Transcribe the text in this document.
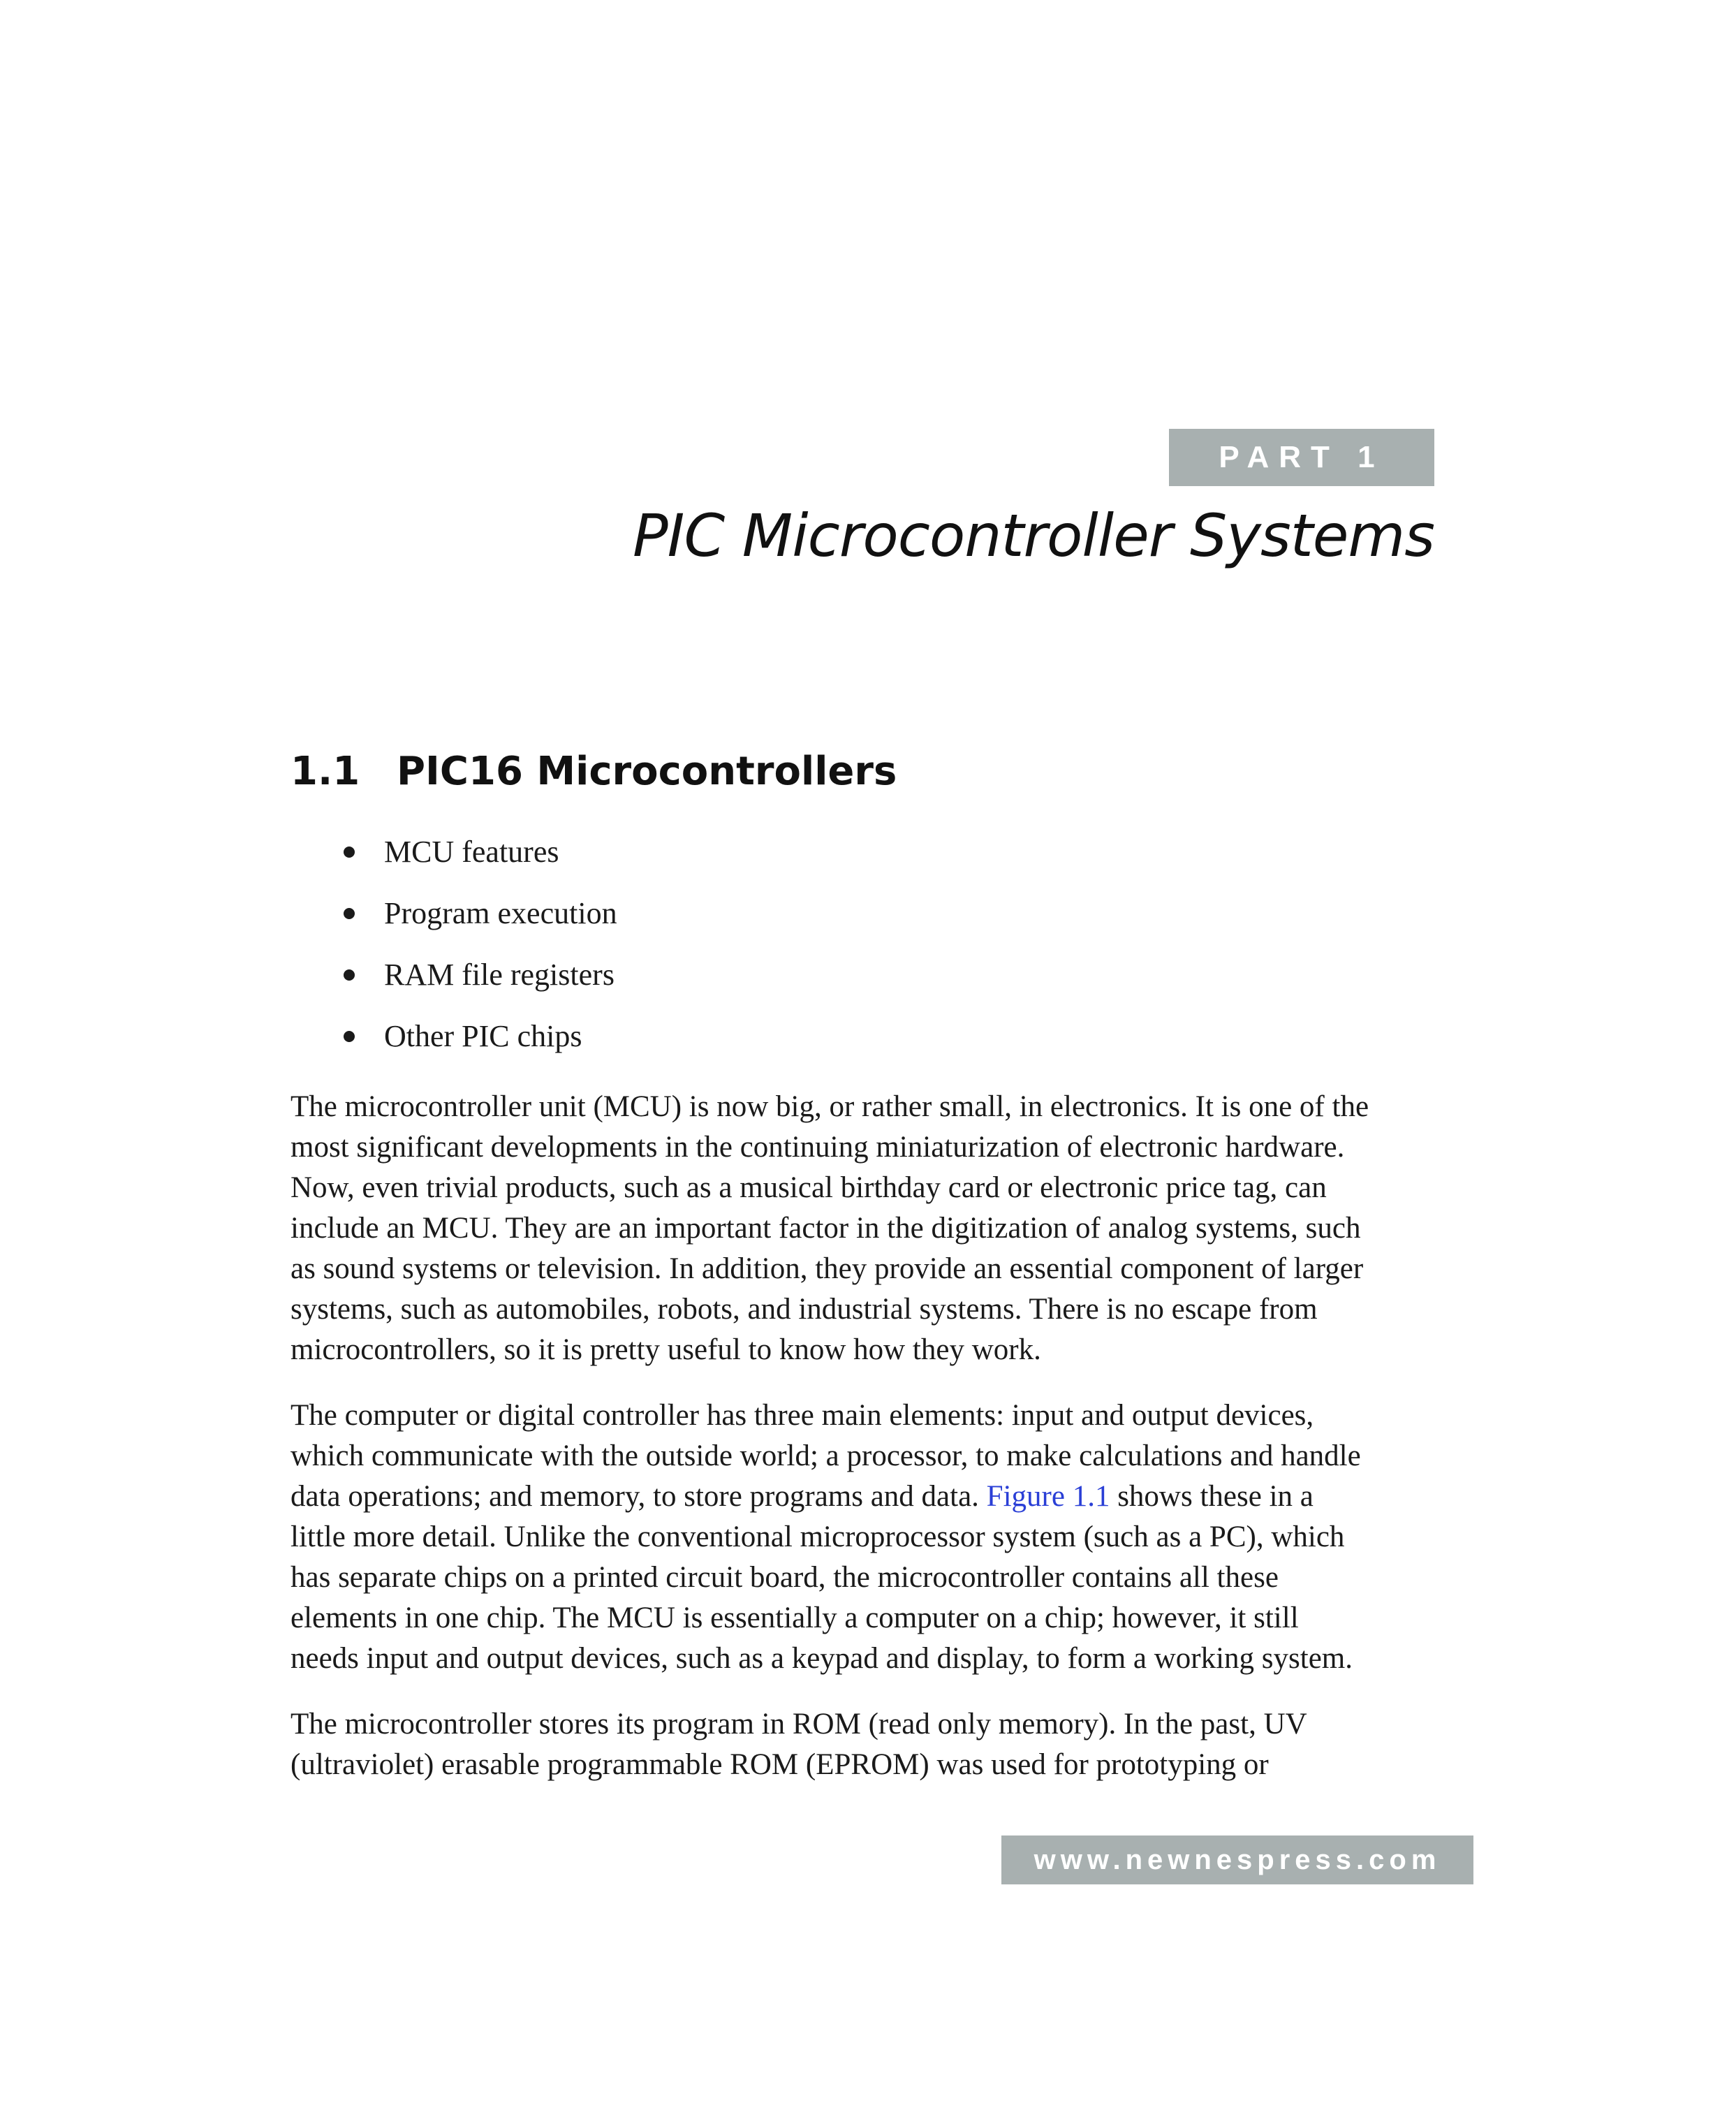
PART 1
PIC Microcontroller Systems
1.1 PIC16 Microcontrollers
MCU features
Program execution
RAM file registers
Other PIC chips

The microcontroller unit (MCU) is now big, or rather small, in electronics. It is one of the
most significant developments in the continuing miniaturization of electronic hardware.
Now, even trivial products, such as a musical birthday card or electronic price tag, can
include an MCU. They are an important factor in the digitization of analog systems, such
as sound systems or television. In addition, they provide an essential component of larger
systems, such as automobiles, robots, and industrial systems. There is no escape from
microcontrollers, so it is pretty useful to know how they work.

The computer or digital controller has three main elements: input and output devices,
which communicate with the outside world; a processor, to make calculations and handle
data operations; and memory, to store programs and data. Figure 1.1 shows these in a
little more detail. Unlike the conventional microprocessor system (such as a PC), which
has separate chips on a printed circuit board, the microcontroller contains all these
elements in one chip. The MCU is essentially a computer on a chip; however, it still
needs input and output devices, such as a keypad and display, to form a working system.

The microcontroller stores its program in ROM (read only memory). In the past, UV
(ultraviolet) erasable programmable ROM (EPROM) was used for prototyping or

www.newnespress.com
